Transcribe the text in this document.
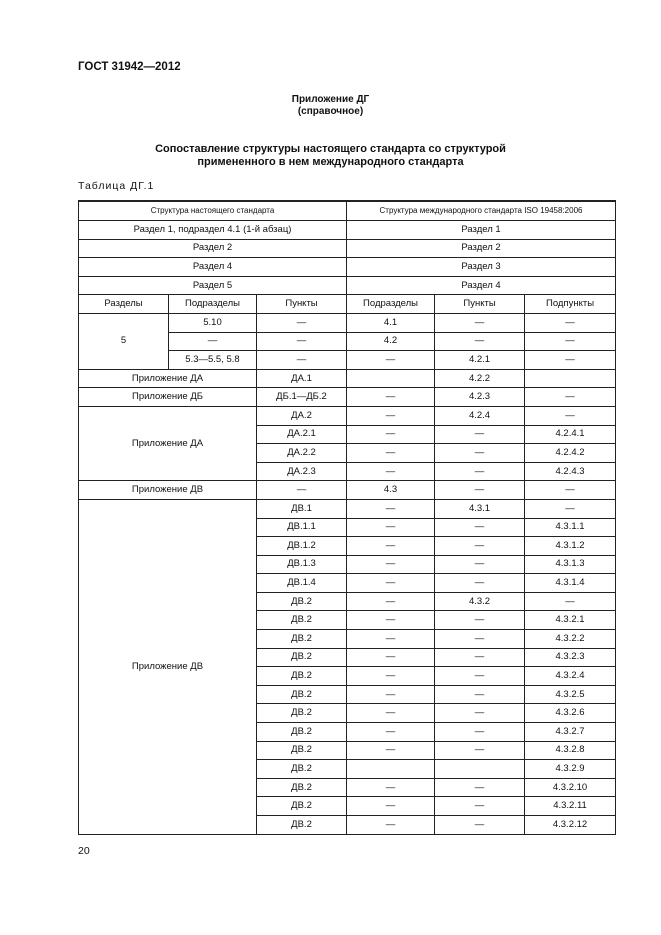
ГОСТ 31942—2012
Приложение ДГ
(справочное)
Сопоставление структуры настоящего стандарта со структурой
примененного в нем международного стандарта
Таблица ДГ.1
Структура настоящего стандарта			Структура международного стандарта ISO 19458:2006		
Раздел 1, подраздел 4.1 (1-й абзац)			Раздел 1		
Раздел 2			Раздел 2		
Раздел 4			Раздел 3		
Раздел 5			Раздел 4		
Разделы	Подразделы	Пункты	Подразделы	Пункты	Подпункты
5	5.10	—	4.1	—	—
	—	—	4.2	—	—
	5.3—5.5, 5.8	—	—	4.2.1	—
Приложение ДА		ДА.1		4.2.2	
Приложение ДБ		ДБ.1—ДБ.2	—	4.2.3	—
Приложение ДА		ДА.2	—	4.2.4	—
		ДА.2.1	—	—	4.2.4.1
		ДА.2.2	—	—	4.2.4.2
		ДА.2.3	—	—	4.2.4.3
Приложение ДВ		—	4.3	—	—
Приложение ДВ		ДВ.1	—	4.3.1	—
		ДВ.1.1	—	—	4.3.1.1
		ДВ.1.2	—	—	4.3.1.2
		ДВ.1.3	—	—	4.3.1.3
		ДВ.1.4	—	—	4.3.1.4
		ДВ.2	—	4.3.2	—
		ДВ.2	—	—	4.3.2.1
		ДВ.2	—	—	4.3.2.2
		ДВ.2	—	—	4.3.2.3
		ДВ.2	—	—	4.3.2.4
		ДВ.2	—	—	4.3.2.5
		ДВ.2	—	—	4.3.2.6
		ДВ.2	—	—	4.3.2.7
		ДВ.2	—	—	4.3.2.8
		ДВ.2			4.3.2.9
		ДВ.2	—	—	4.3.2.10
		ДВ.2	—	—	4.3.2.11
		ДВ.2	—	—	4.3.2.12
20
